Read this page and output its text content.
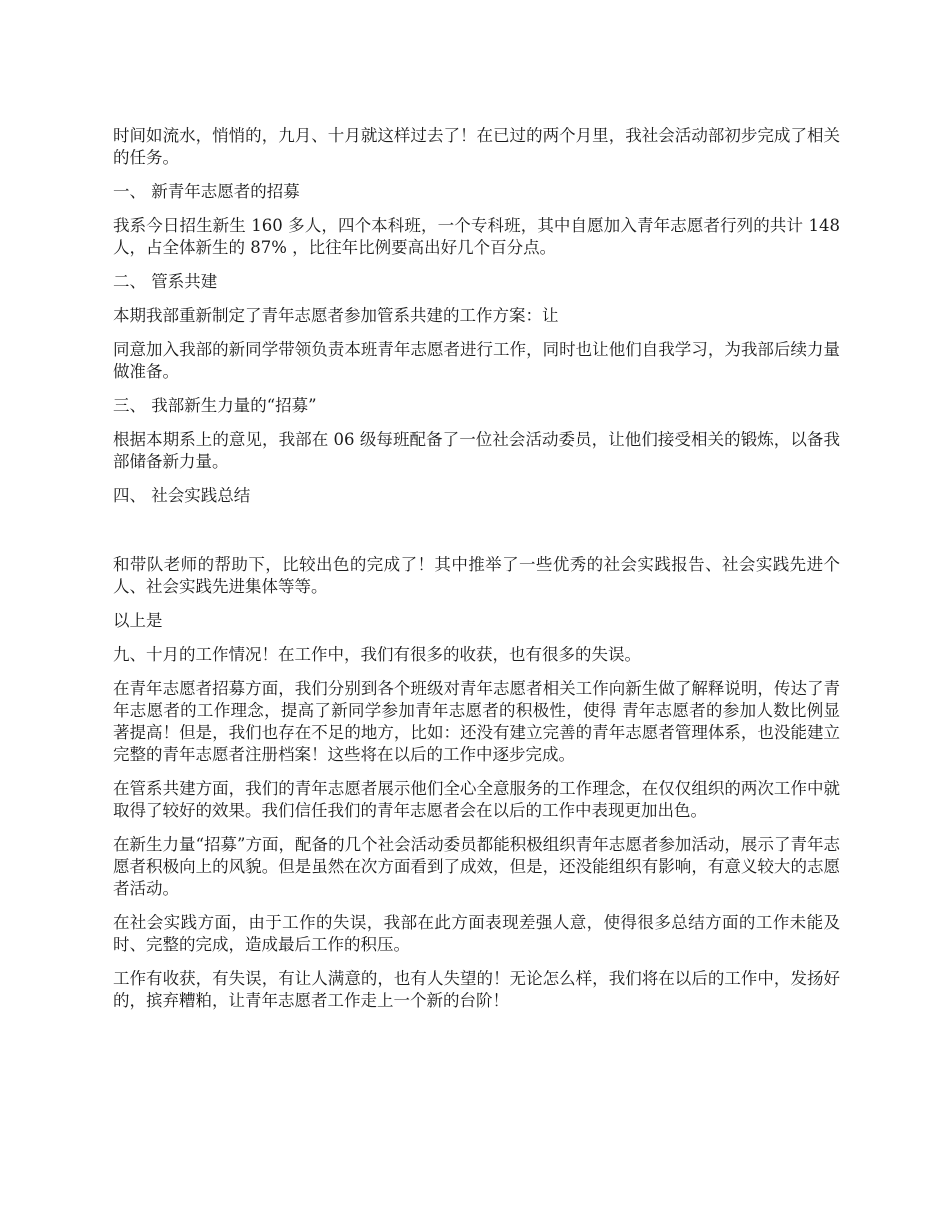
时间如流水，悄悄的，九月、十月就这样过去了！在已过的两个月里，我社会活动部初步完成了相关的任务。

一、 新青年志愿者的招募

我系今日招生新生 160 多人，四个本科班，一个专科班，其中自愿加入青年志愿者行列的共计 148 人，占全体新生的 87% ，比往年比例要高出好几个百分点。

二、 管系共建

本期我部重新制定了青年志愿者参加管系共建的工作方案：让

同意加入我部的新同学带领负责本班青年志愿者进行工作，同时也让他们自我学习，为我部后续力量做准备。

三、 我部新生力量的“招募”

根据本期系上的意见，我部在 06 级每班配备了一位社会活动委员，让他们接受相关的锻炼，以备我部储备新力量。

四、 社会实践总结

和带队老师的帮助下，比较出色的完成了！其中推举了一些优秀的社会实践报告、社会实践先进个人、社会实践先进集体等等。

以上是

九、十月的工作情况！在工作中，我们有很多的收获，也有很多的失误。

在青年志愿者招募方面，我们分别到各个班级对青年志愿者相关工作向新生做了解释说明，传达了青年志愿者的工作理念，提高了新同学参加青年志愿者的积极性，使得 青年志愿者的参加人数比例显著提高！但是，我们也存在不足的地方，比如：还没有建立完善的青年志愿者管理体系，也没能建立完整的青年志愿者注册档案！这些将在以后的工作中逐步完成。

在管系共建方面，我们的青年志愿者展示他们全心全意服务的工作理念，在仅仅组织的两次工作中就取得了较好的效果。我们信任我们的青年志愿者会在以后的工作中表现更加出色。

在新生力量“招募”方面，配备的几个社会活动委员都能积极组织青年志愿者参加活动，展示了青年志愿者积极向上的风貌。但是虽然在次方面看到了成效，但是，还没能组织有影响，有意义较大的志愿者活动。

在社会实践方面，由于工作的失误，我部在此方面表现差强人意，使得很多总结方面的工作未能及时、完整的完成，造成最后工作的积压。

工作有收获，有失误，有让人满意的，也有人失望的！无论怎么样，我们将在以后的工作中，发扬好的，摈弃糟粕，让青年志愿者工作走上一个新的台阶！
